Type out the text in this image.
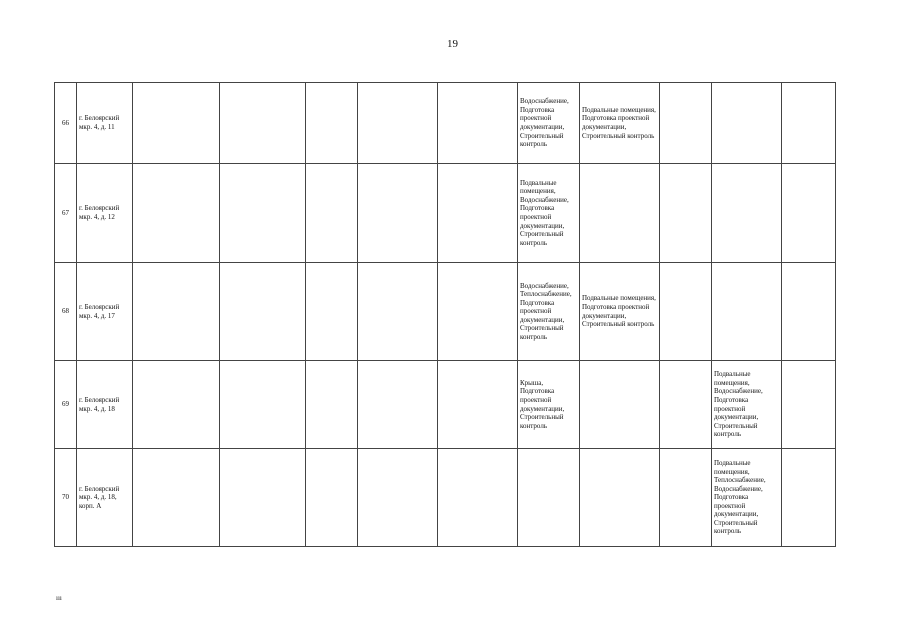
19
66	г. Белоярский мкр. 4, д. 11						Водоснабжение, Подготовка проектной документации, Строительный контроль	Подвальные помещения, Подготовка проектной документации, Строительный контроль			
67	г. Белоярский мкр. 4, д. 12						Подвальные помещения, Водоснабжение, Подготовка проектной документации, Строительный контроль				
68	г. Белоярский мкр. 4, д. 17						Водоснабжение, Теплоснабжение, Подготовка проектной документации, Строительный контроль	Подвальные помещения, Подготовка проектной документации, Строительный контроль			
69	г. Белоярский мкр. 4, д. 18						Крыша, Подготовка проектной документации, Строительный контроль			Подвальные помещения, Водоснабжение, Подготовка проектной документации, Строительный контроль	
70	г. Белоярский мкр. 4, д. 18, корп. А									Подвальные помещения, Теплоснабжение, Водоснабжение, Подготовка проектной документации, Строительный контроль	
ııı
